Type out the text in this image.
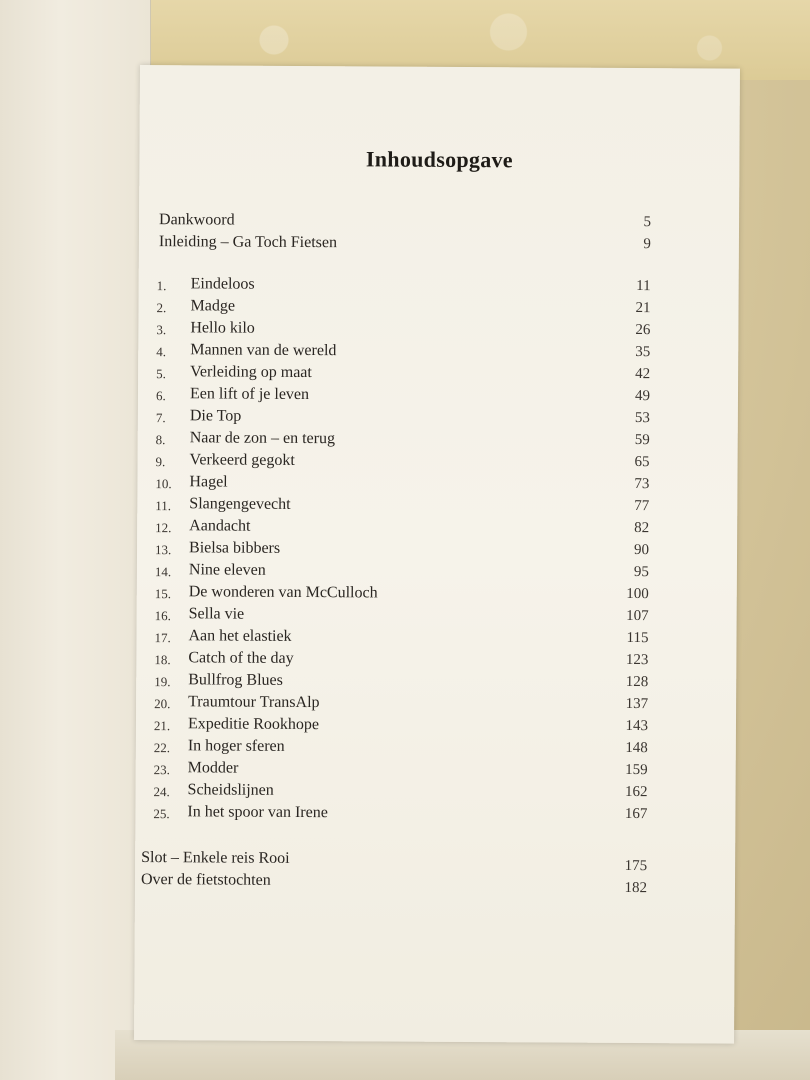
Inhoudsopgave
Dankwoord	5
Inleiding – Ga Toch Fietsen	9
1. Eindeloos	11
2. Madge	21
3. Hello kilo	26
4. Mannen van de wereld	35
5. Verleiding op maat	42
6. Een lift of je leven	49
7. Die Top	53
8. Naar de zon – en terug	59
9. Verkeerd gegokt	65
10. Hagel	73
11. Slangengevecht	77
12. Aandacht	82
13. Bielsa bibbers	90
14. Nine eleven	95
15. De wonderen van McCulloch	100
16. Sella vie	107
17. Aan het elastiek	115
18. Catch of the day	123
19. Bullfrog Blues	128
20. Traumtour TransAlp	137
21. Expeditie Rookhope	143
22. In hoger sferen	148
23. Modder	159
24. Scheidslijnen	162
25. In het spoor van Irene	167
Slot – Enkele reis Rooi	175
Over de fietstochten	182
